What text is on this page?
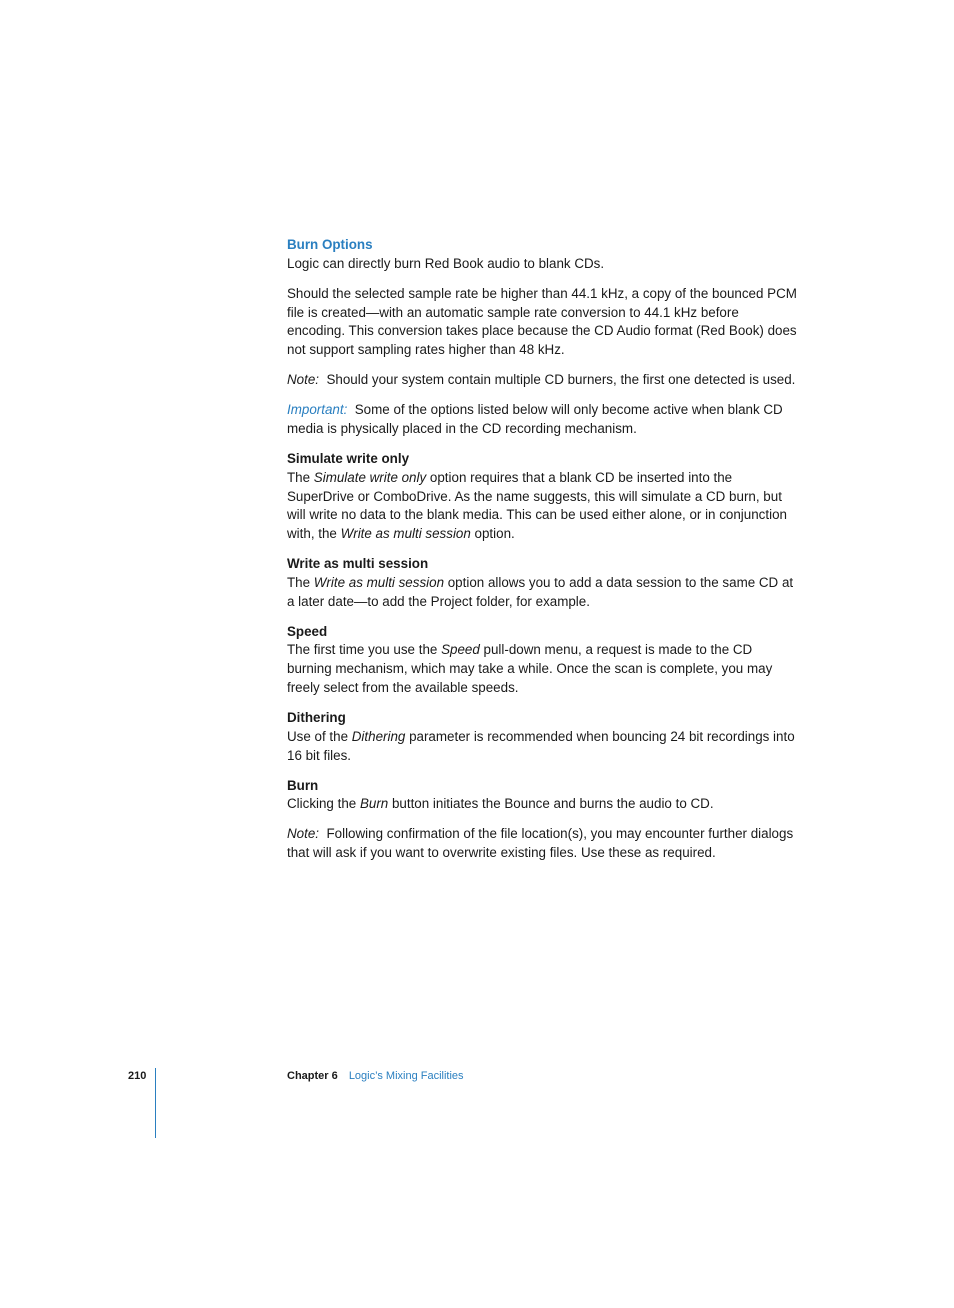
Burn Options

Logic can directly burn Red Book audio to blank CDs.

Should the selected sample rate be higher than 44.1 kHz, a copy of the bounced PCM file is created—with an automatic sample rate conversion to 44.1 kHz before encoding. This conversion takes place because the CD Audio format (Red Book) does not support sampling rates higher than 48 kHz.

Note: Should your system contain multiple CD burners, the first one detected is used.

Important: Some of the options listed below will only become active when blank CD media is physically placed in the CD recording mechanism.

Simulate write only

The Simulate write only option requires that a blank CD be inserted into the SuperDrive or ComboDrive. As the name suggests, this will simulate a CD burn, but will write no data to the blank media. This can be used either alone, or in conjunction with, the Write as multi session option.

Write as multi session

The Write as multi session option allows you to add a data session to the same CD at a later date—to add the Project folder, for example.

Speed

The first time you use the Speed pull-down menu, a request is made to the CD burning mechanism, which may take a while. Once the scan is complete, you may freely select from the available speeds.

Dithering

Use of the Dithering parameter is recommended when bouncing 24 bit recordings into 16 bit files.

Burn

Clicking the Burn button initiates the Bounce and burns the audio to CD.

Note: Following confirmation of the file location(s), you may encounter further dialogs that will ask if you want to overwrite existing files. Use these as required.

210	Chapter 6 Logic’s Mixing Facilities
